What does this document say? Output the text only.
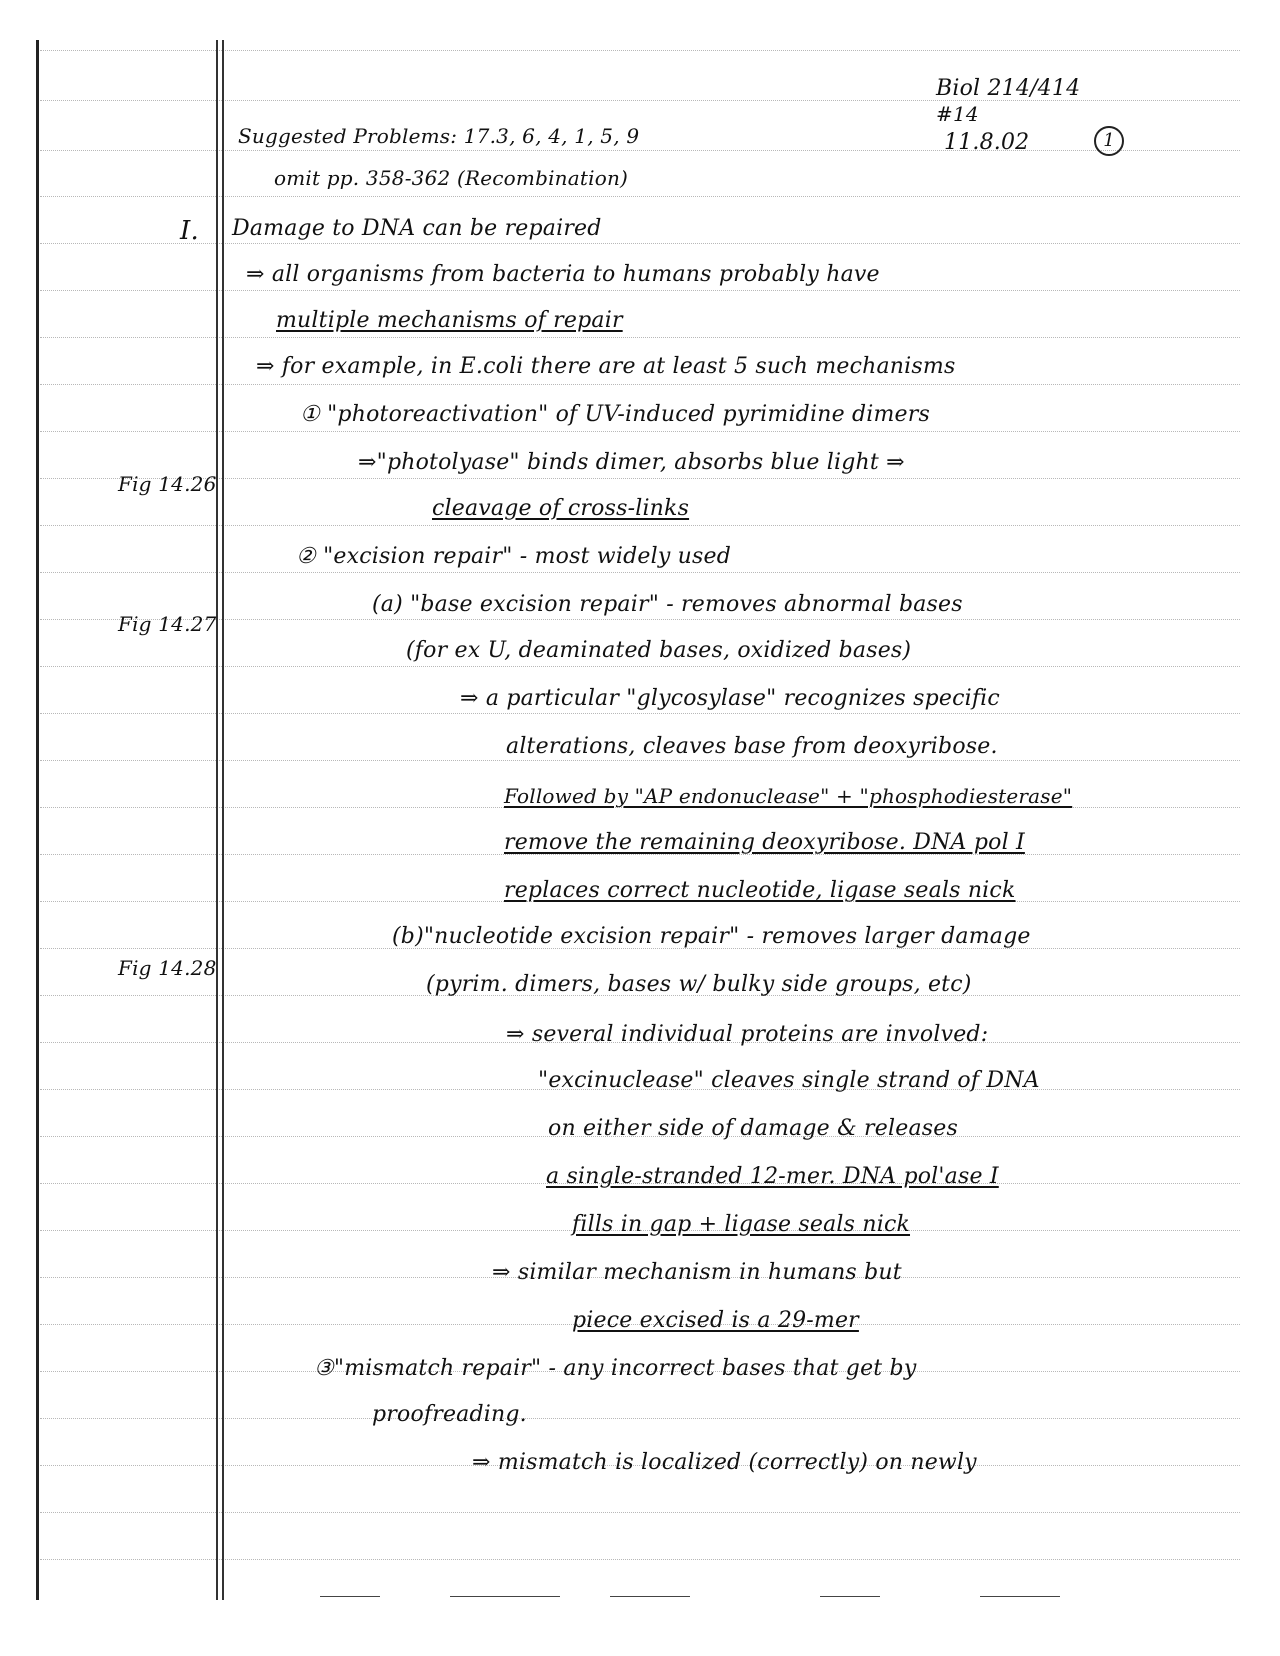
Biol 214/414
#14
11.8.02	1
Fig 14.26
Fig 14.27
Fig 14.28
I.
Suggested Problems: 17.3, 6, 4, 1, 5, 9
omit pp. 358-362 (Recombination)
Damage to DNA can be repaired
⇒ all organisms from bacteria to humans probably have
multiple mechanisms of repair
⇒ for example, in E.coli there are at least 5 such mechanisms
① "photoreactivation" of UV-induced pyrimidine dimers
⇒"photolyase" binds dimer, absorbs blue light ⇒
cleavage of cross-links
② "excision repair" - most widely used
(a) "base excision repair" - removes abnormal bases
(for ex U, deaminated bases, oxidized bases)
⇒ a particular "glycosylase" recognizes specific
alterations, cleaves base from deoxyribose.
Followed by "AP endonuclease" + "phosphodiesterase"
remove the remaining deoxyribose. DNA pol I
replaces correct nucleotide, ligase seals nick
(b)"nucleotide excision repair" - removes larger damage
(pyrim. dimers, bases w/ bulky side groups, etc)
⇒ several individual proteins are involved:
"excinuclease" cleaves single strand of DNA
on either side of damage & releases
a single-stranded 12-mer. DNA pol'ase I
fills in gap + ligase seals nick
⇒ similar mechanism in humans but
piece excised is a 29-mer
③"mismatch repair" - any incorrect bases that get by
proofreading.
⇒ mismatch is localized (correctly) on newly
